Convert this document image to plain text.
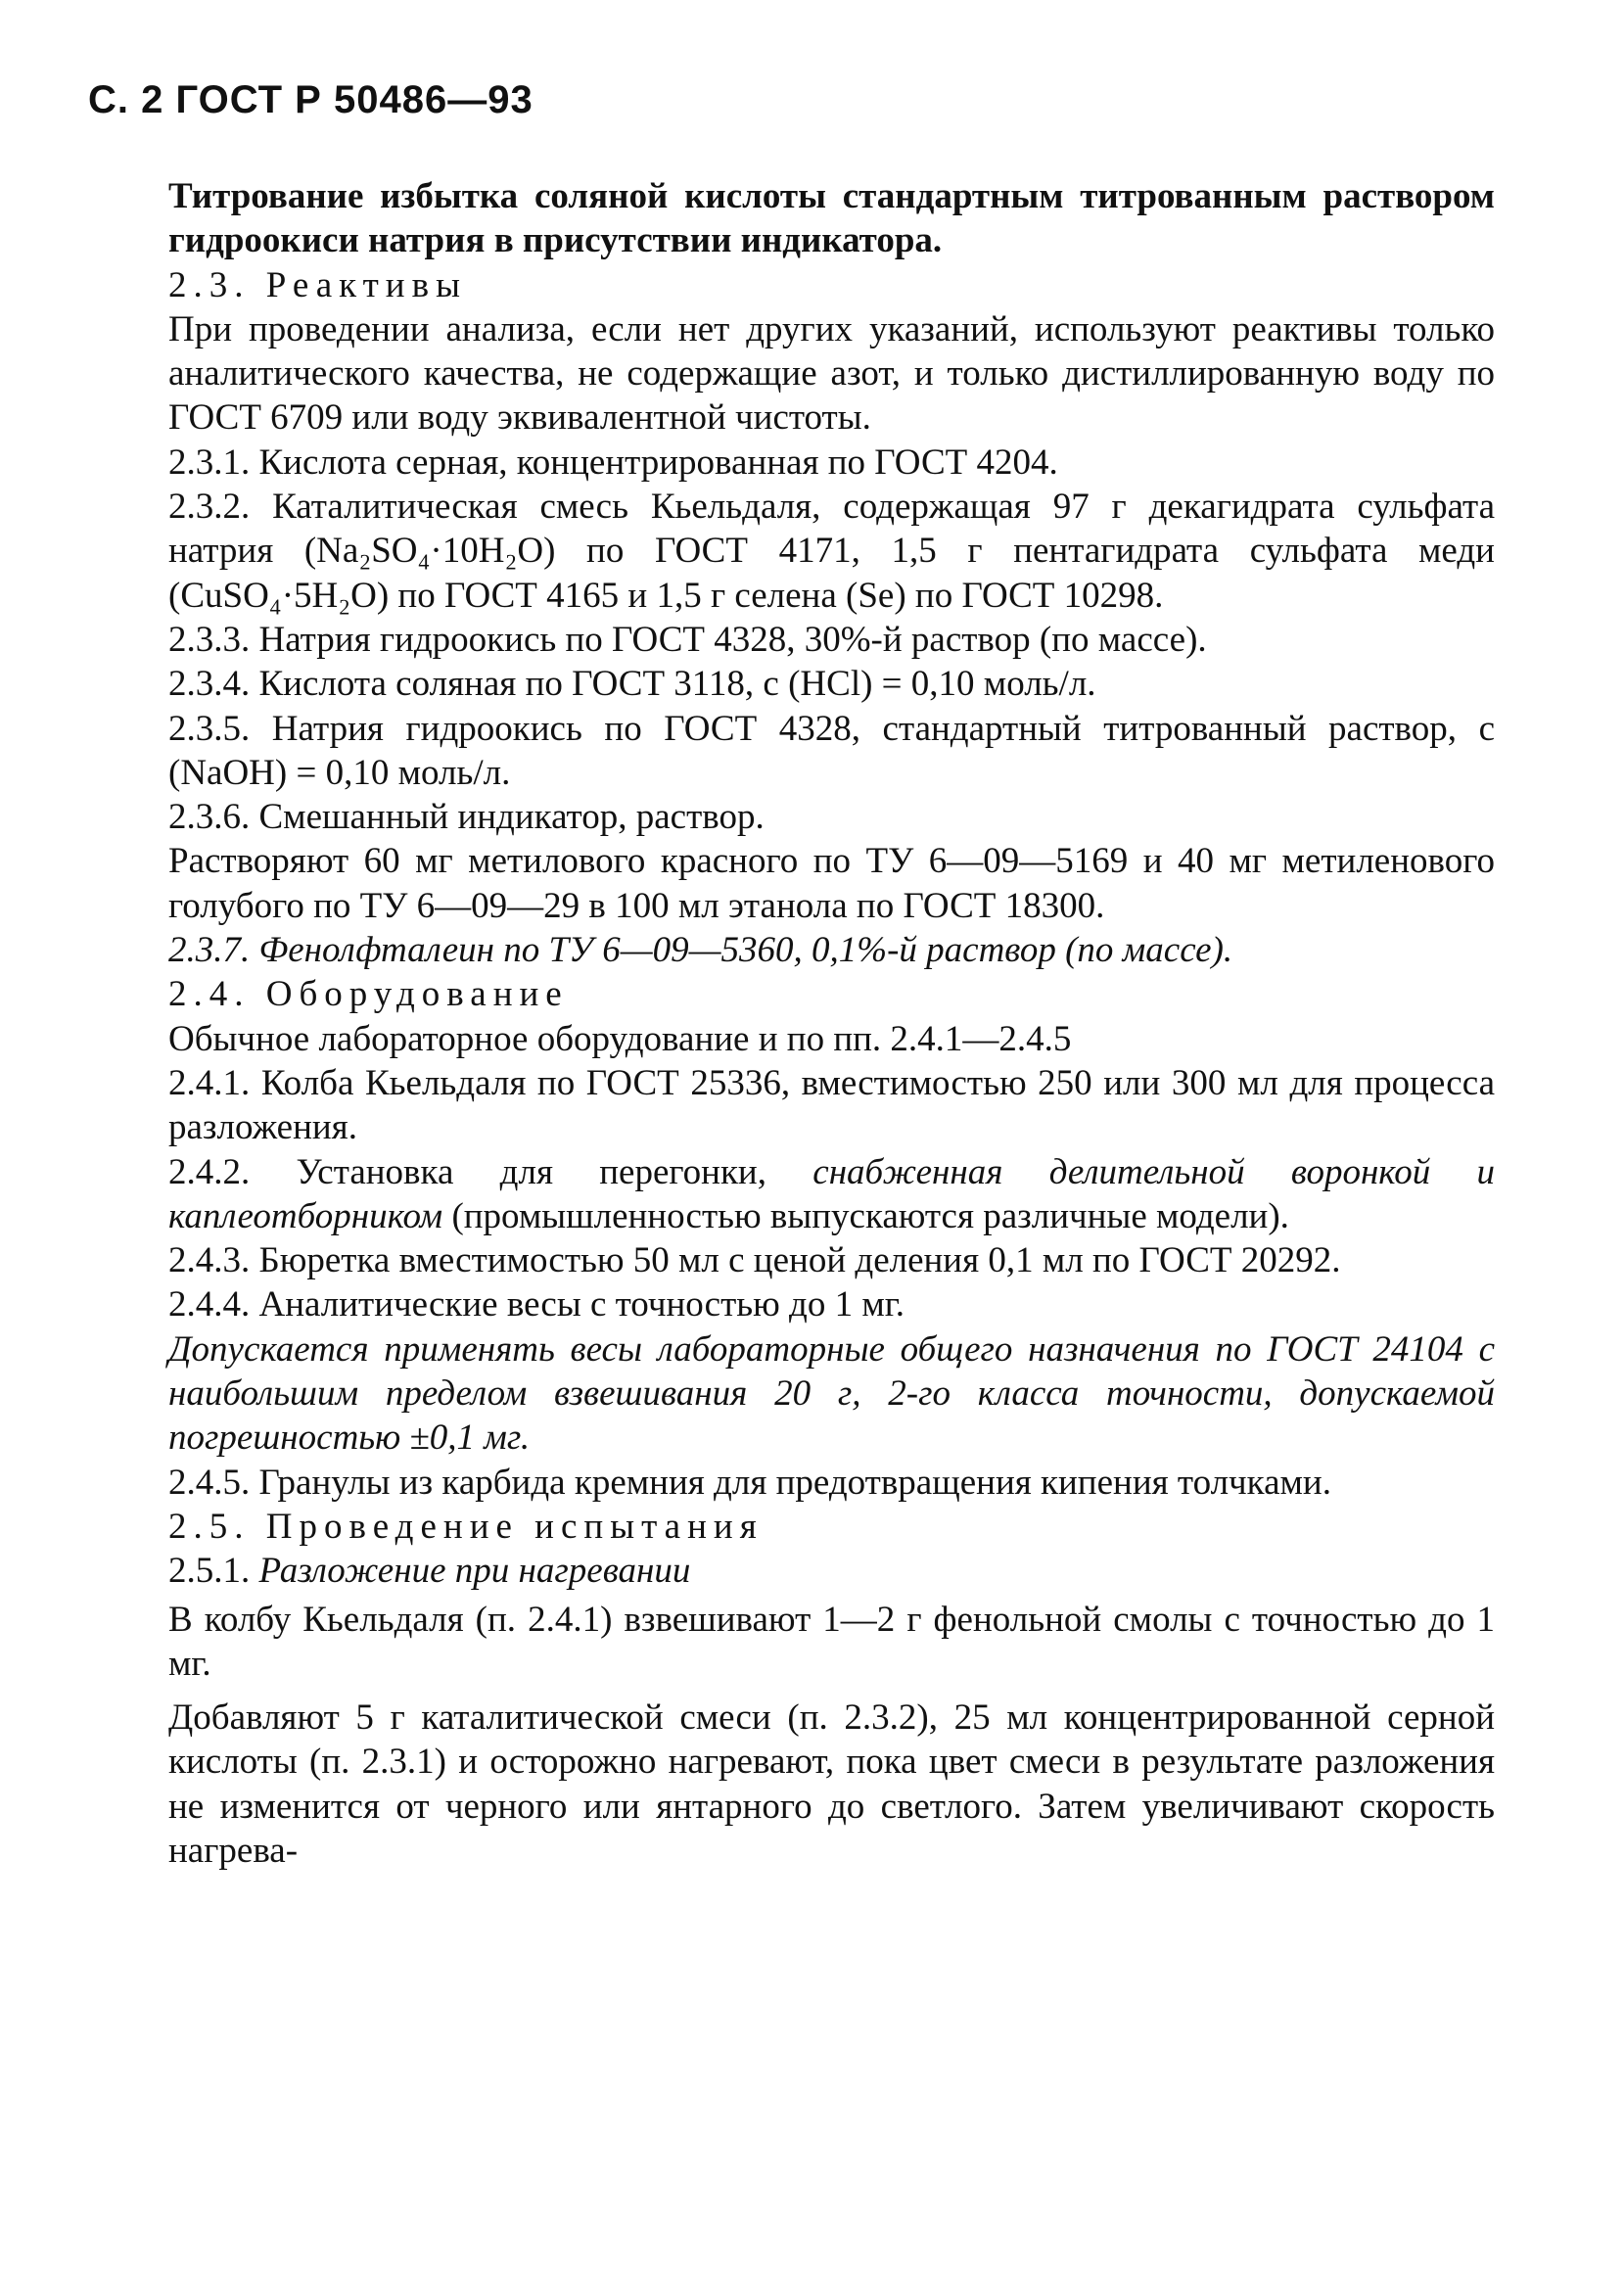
С. 2 ГОСТ Р 50486—93

Титрование избытка соляной кислоты стандартным титрованным раствором гидроокиси натрия в присутствии индикатора.

2.3. Реактивы

При проведении анализа, если нет других указаний, используют реактивы только аналитического качества, не содержащие азот, и только дистиллированную воду по ГОСТ 6709 или воду эквивалентной чистоты.

2.3.1. Кислота серная, концентрированная по ГОСТ 4204.

2.3.2. Каталитическая смесь Кьельдаля, содержащая 97 г декагидрата сульфата натрия (Na₂SO₄·10H₂O) по ГОСТ 4171, 1,5 г пентагидрата сульфата меди (CuSO₄·5H₂O) по ГОСТ 4165 и 1,5 г селена (Se) по ГОСТ 10298.

2.3.3. Натрия гидроокись по ГОСТ 4328, 30%-й раствор (по массе).

2.3.4. Кислота соляная по ГОСТ 3118, c (HCl) = 0,10 моль/л.

2.3.5. Натрия гидроокись по ГОСТ 4328, стандартный титрованный раствор, c (NaOH) = 0,10 моль/л.

2.3.6. Смешанный индикатор, раствор.

Растворяют 60 мг метилового красного по ТУ 6—09—5169 и 40 мг метиленового голубого по ТУ 6—09—29 в 100 мл этанола по ГОСТ 18300.

2.3.7. Фенолфталеин по ТУ 6—09—5360, 0,1%-й раствор (по массе).

2.4. Оборудование

Обычное лабораторное оборудование и по пп. 2.4.1—2.4.5

2.4.1. Колба Кьельдаля по ГОСТ 25336, вместимостью 250 или 300 мл для процесса разложения.

2.4.2. Установка для перегонки, снабженная делительной воронкой и каплеотборником (промышленностью выпускаются различные модели).

2.4.3. Бюретка вместимостью 50 мл с ценой деления 0,1 мл по ГОСТ 20292.

2.4.4. Аналитические весы с точностью до 1 мг.

Допускается применять весы лабораторные общего назначения по ГОСТ 24104 с наибольшим пределом взвешивания 20 г, 2-го класса точности, допускаемой погрешностью ±0,1 мг.

2.4.5. Гранулы из карбида кремния для предотвращения кипения толчками.

2.5. Проведение испытания

2.5.1. Разложение при нагревании

В колбу Кьельдаля (п. 2.4.1) взвешивают 1—2 г фенольной смолы с точностью до 1 мг.

Добавляют 5 г каталитической смеси (п. 2.3.2), 25 мл концентрированной серной кислоты (п. 2.3.1) и осторожно нагревают, пока цвет смеси в результате разложения не изменится от черного или янтарного до светлого. Затем увеличивают скорость нагрева-
